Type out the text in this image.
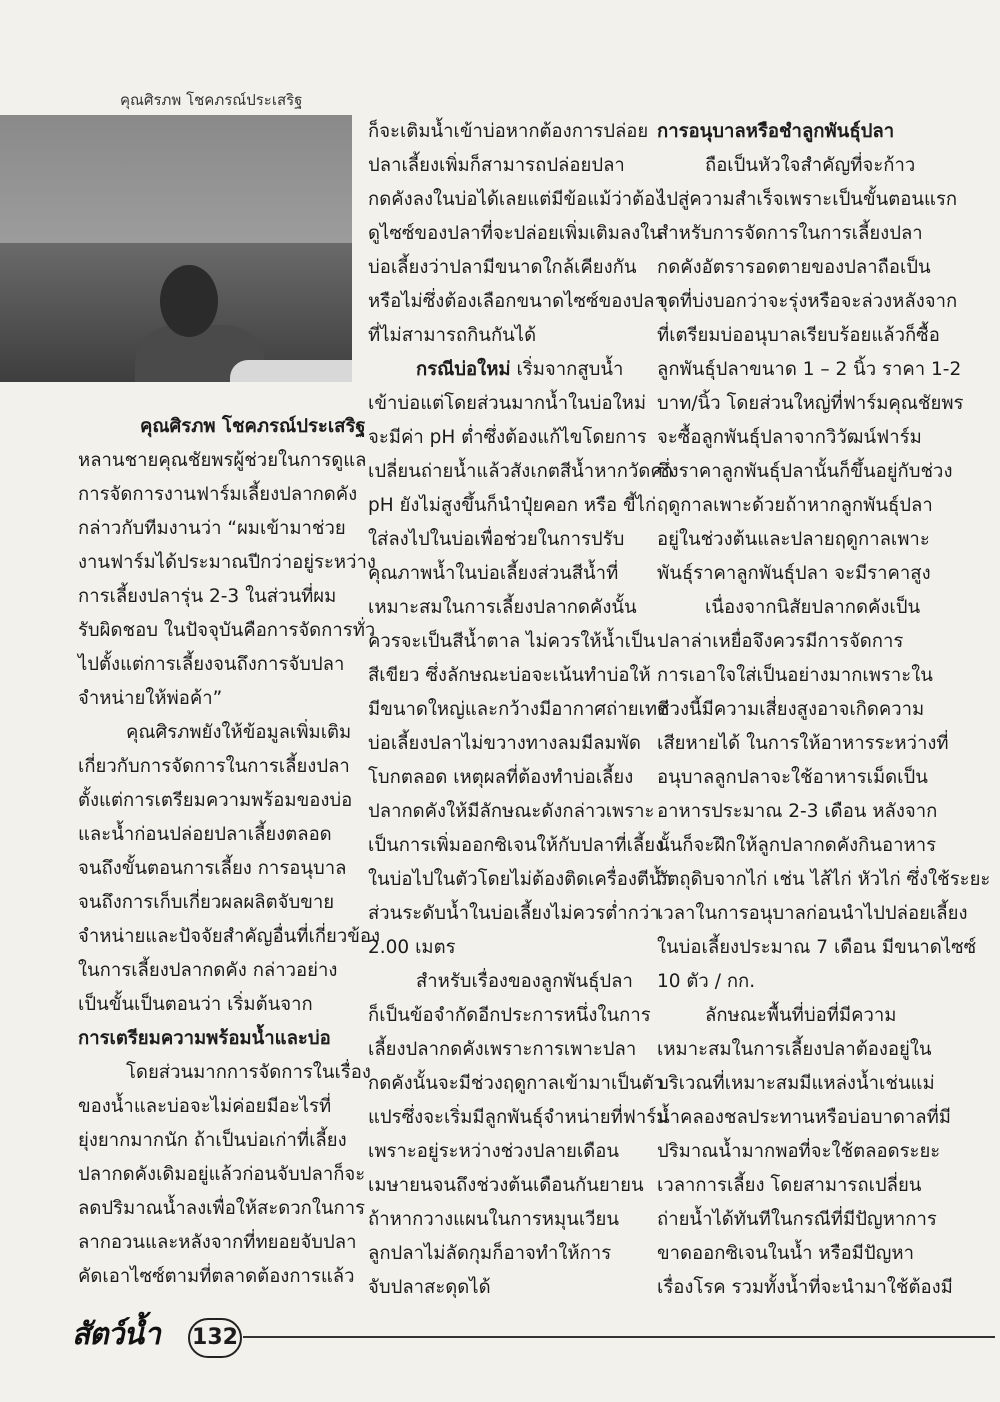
คุณศิรภพ โชคภรณ์ประเสริฐ

คุณศิรภพ โชคภรณ์ประเสริฐ

หลานชายคุณชัยพรผู้ช่วยในการดูแล

การจัดการงานฟาร์มเลี้ยงปลากดคัง

กล่าวกับทีมงานว่า “ผมเข้ามาช่วย

งานฟาร์มได้ประมาณปีกว่าอยู่ระหว่าง

การเลี้ยงปลารุ่น 2-3 ในส่วนที่ผม

รับผิดชอบ ในปัจจุบันคือการจัดการทั่ว

ไปตั้งแต่การเลี้ยงจนถึงการจับปลา

จำหน่ายให้พ่อค้า”

คุณศิรภพยังให้ข้อมูลเพิ่มเติม

เกี่ยวกับการจัดการในการเลี้ยงปลา

ตั้งแต่การเตรียมความพร้อมของบ่อ

และน้ำก่อนปล่อยปลาเลี้ยงตลอด

จนถึงขั้นตอนการเลี้ยง การอนุบาล

จนถึงการเก็บเกี่ยวผลผลิตจับขาย

จำหน่ายและปัจจัยสำคัญอื่นที่เกี่ยวข้อง

ในการเลี้ยงปลากดคัง กล่าวอย่าง

เป็นขั้นเป็นตอนว่า เริ่มต้นจาก

การเตรียมความพร้อมน้ำและบ่อ

โดยส่วนมากการจัดการในเรื่อง

ของน้ำและบ่อจะไม่ค่อยมีอะไรที่

ยุ่งยากมากนัก ถ้าเป็นบ่อเก่าที่เลี้ยง

ปลากดคังเดิมอยู่แล้วก่อนจับปลาก็จะ

ลดปริมาณน้ำลงเพื่อให้สะดวกในการ

ลากอวนและหลังจากที่ทยอยจับปลา

คัดเอาไซซ์ตามที่ตลาดต้องการแล้ว

ก็จะเติมน้ำเข้าบ่อหากต้องการปล่อย

ปลาเลี้ยงเพิ่มก็สามารถปล่อยปลา

กดคังลงในบ่อได้เลยแต่มีข้อแม้ว่าต้อง

ดูไซซ์ของปลาที่จะปล่อยเพิ่มเติมลงใน

บ่อเลี้ยงว่าปลามีขนาดใกล้เคียงกัน

หรือไม่ซึ่งต้องเลือกขนาดไซซ์ของปลา

ที่ไม่สามารถกินกันได้

กรณีบ่อใหม่ เริ่มจากสูบน้ำ

เข้าบ่อแต่โดยส่วนมากน้ำในบ่อใหม่

จะมีค่า pH ต่ำซึ่งต้องแก้ไขโดยการ

เปลี่ยนถ่ายน้ำแล้วสังเกตสีน้ำหากวัดค่า

pH ยังไม่สูงขึ้นก็นำปุ๋ยคอก หรือ ขี้ไก่

ใส่ลงไปในบ่อเพื่อช่วยในการปรับ

คุณภาพน้ำในบ่อเลี้ยงส่วนสีน้ำที่

เหมาะสมในการเลี้ยงปลากดคังนั้น

ควรจะเป็นสีน้ำตาล ไม่ควรให้น้ำเป็น

สีเขียว ซึ่งลักษณะบ่อจะเน้นทำบ่อให้

มีขนาดใหญ่และกว้างมีอากาศถ่ายเทดี

บ่อเลี้ยงปลาไม่ขวางทางลมมีลมพัด

โบกตลอด เหตุผลที่ต้องทำบ่อเลี้ยง

ปลากดคังให้มีลักษณะดังกล่าวเพราะ

เป็นการเพิ่มออกซิเจนให้กับปลาที่เลี้ยง

ในบ่อไปในตัวโดยไม่ต้องติดเครื่องตีน้ำ

ส่วนระดับน้ำในบ่อเลี้ยงไม่ควรต่ำกว่า

2.00 เมตร

สำหรับเรื่องของลูกพันธุ์ปลา

ก็เป็นข้อจำกัดอีกประการหนึ่งในการ

เลี้ยงปลากดคังเพราะการเพาะปลา

กดคังนั้นจะมีช่วงฤดูกาลเข้ามาเป็นตัว

แปรซึ่งจะเริ่มมีลูกพันธุ์จำหน่ายที่ฟาร์ม

เพราะอยู่ระหว่างช่วงปลายเดือน

เมษายนจนถึงช่วงต้นเดือนกันยายน

ถ้าหากวางแผนในการหมุนเวียน

ลูกปลาไม่ลัดกุมก็อาจทำให้การ

จับปลาสะดุดได้

การอนุบาลหรือชำลูกพันธุ์ปลา

ถือเป็นหัวใจสำคัญที่จะก้าว

ไปสู่ความสำเร็จเพราะเป็นขั้นตอนแรก

สำหรับการจัดการในการเลี้ยงปลา

กดคังอัตรารอดตายของปลาถือเป็น

จุดที่บ่งบอกว่าจะรุ่งหรือจะล่วงหลังจาก

ที่เตรียมบ่ออนุบาลเรียบร้อยแล้วก็ซื้อ

ลูกพันธุ์ปลาขนาด 1 – 2 นิ้ว ราคา 1-2

บาท/นิ้ว โดยส่วนใหญ่ที่ฟาร์มคุณชัยพร

จะซื้อลูกพันธุ์ปลาจากวิวัฒน์ฟาร์ม

ซึ่งราคาลูกพันธุ์ปลานั้นก็ขึ้นอยู่กับช่วง

ฤดูกาลเพาะด้วยถ้าหากลูกพันธุ์ปลา

อยู่ในช่วงต้นและปลายฤดูกาลเพาะ

พันธุ์ราคาลูกพันธุ์ปลา จะมีราคาสูง

เนื่องจากนิสัยปลากดคังเป็น

ปลาล่าเหยื่อจึงควรมีการจัดการ

การเอาใจใส่เป็นอย่างมากเพราะใน

ช่วงนี้มีความเสี่ยงสูงอาจเกิดความ

เสียหายได้ ในการให้อาหารระหว่างที่

อนุบาลลูกปลาจะใช้อาหารเม็ดเป็น

อาหารประมาณ 2-3 เดือน หลังจาก

นั้นก็จะฝึกให้ลูกปลากดคังกินอาหาร

วัตถุดิบจากไก่ เช่น ไส้ไก่ หัวไก่ ซึ่งใช้ระยะ

เวลาในการอนุบาลก่อนนำไปปล่อยเลี้ยง

ในบ่อเลี้ยงประมาณ 7 เดือน มีขนาดไซซ์

10 ตัว / กก.

ลักษณะพื้นที่บ่อที่มีความ

เหมาะสมในการเลี้ยงปลาต้องอยู่ใน

บริเวณที่เหมาะสมมีแหล่งน้ำเช่นแม่

น้ำคลองชลประทานหรือบ่อบาดาลที่มี

ปริมาณน้ำมากพอที่จะใช้ตลอดระยะ

เวลาการเลี้ยง โดยสามารถเปลี่ยน

ถ่ายน้ำได้ทันทีในกรณีที่มีปัญหาการ

ขาดออกซิเจนในน้ำ หรือมีปัญหา

เรื่องโรค รวมทั้งน้ำที่จะนำมาใช้ต้องมี

สัตว์น้ำ	132
